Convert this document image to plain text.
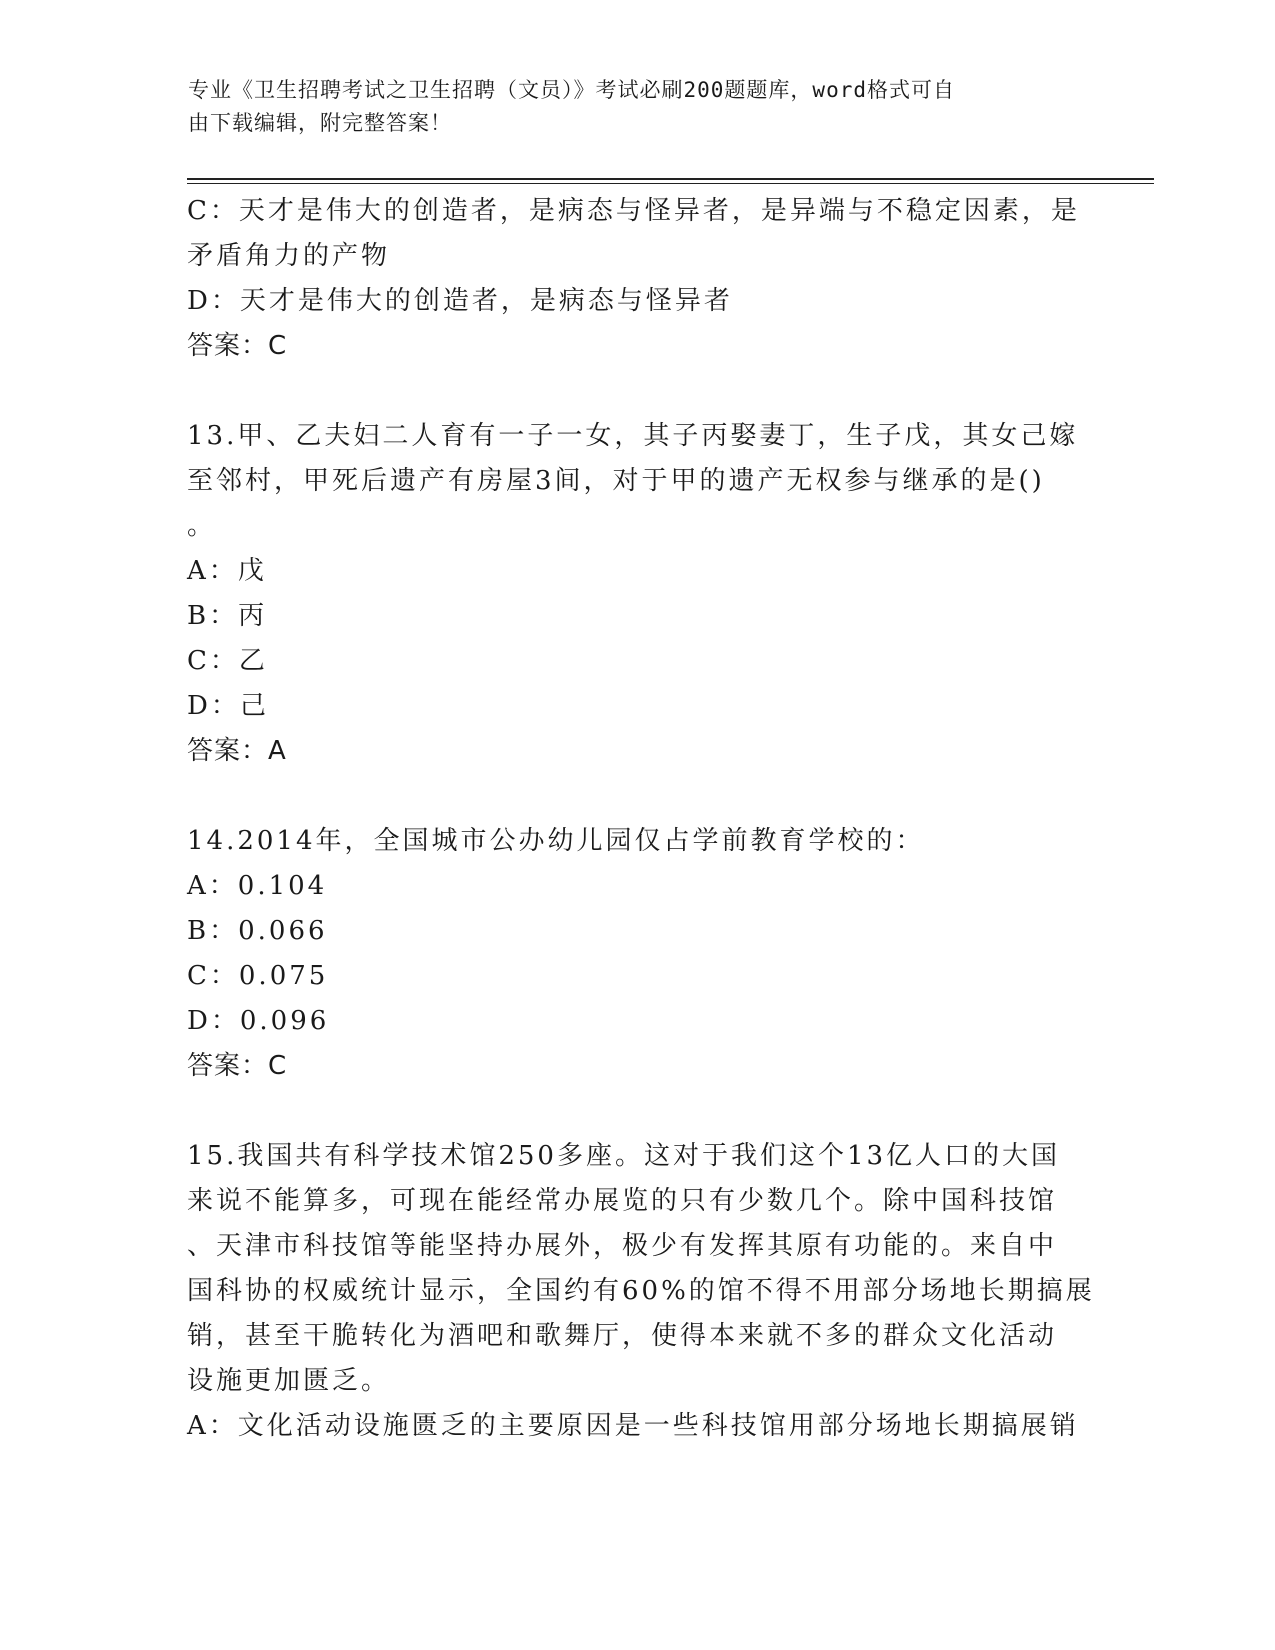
专业《卫生招聘考试之卫生招聘（文员）》考试必刷200题题库，word格式可自
由下载编辑，附完整答案！
C：天才是伟大的创造者，是病态与怪异者，是异端与不稳定因素，是
矛盾角力的产物
D：天才是伟大的创造者，是病态与怪异者
答案：C
13.甲、乙夫妇二人育有一子一女，其子丙娶妻丁，生子戊，其女己嫁
至邻村，甲死后遗产有房屋3间，对于甲的遗产无权参与继承的是()
。
A：戊
B：丙
C：乙
D：己
答案：A
14.2014年，全国城市公办幼儿园仅占学前教育学校的：
A：0.104
B：0.066
C：0.075
D：0.096
答案：C
15.我国共有科学技术馆250多座。这对于我们这个13亿人口的大国
来说不能算多，可现在能经常办展览的只有少数几个。除中国科技馆
、天津市科技馆等能坚持办展外，极少有发挥其原有功能的。来自中
国科协的权威统计显示，全国约有60%的馆不得不用部分场地长期搞展
销，甚至干脆转化为酒吧和歌舞厅，使得本来就不多的群众文化活动
设施更加匮乏。
A：文化活动设施匮乏的主要原因是一些科技馆用部分场地长期搞展销
